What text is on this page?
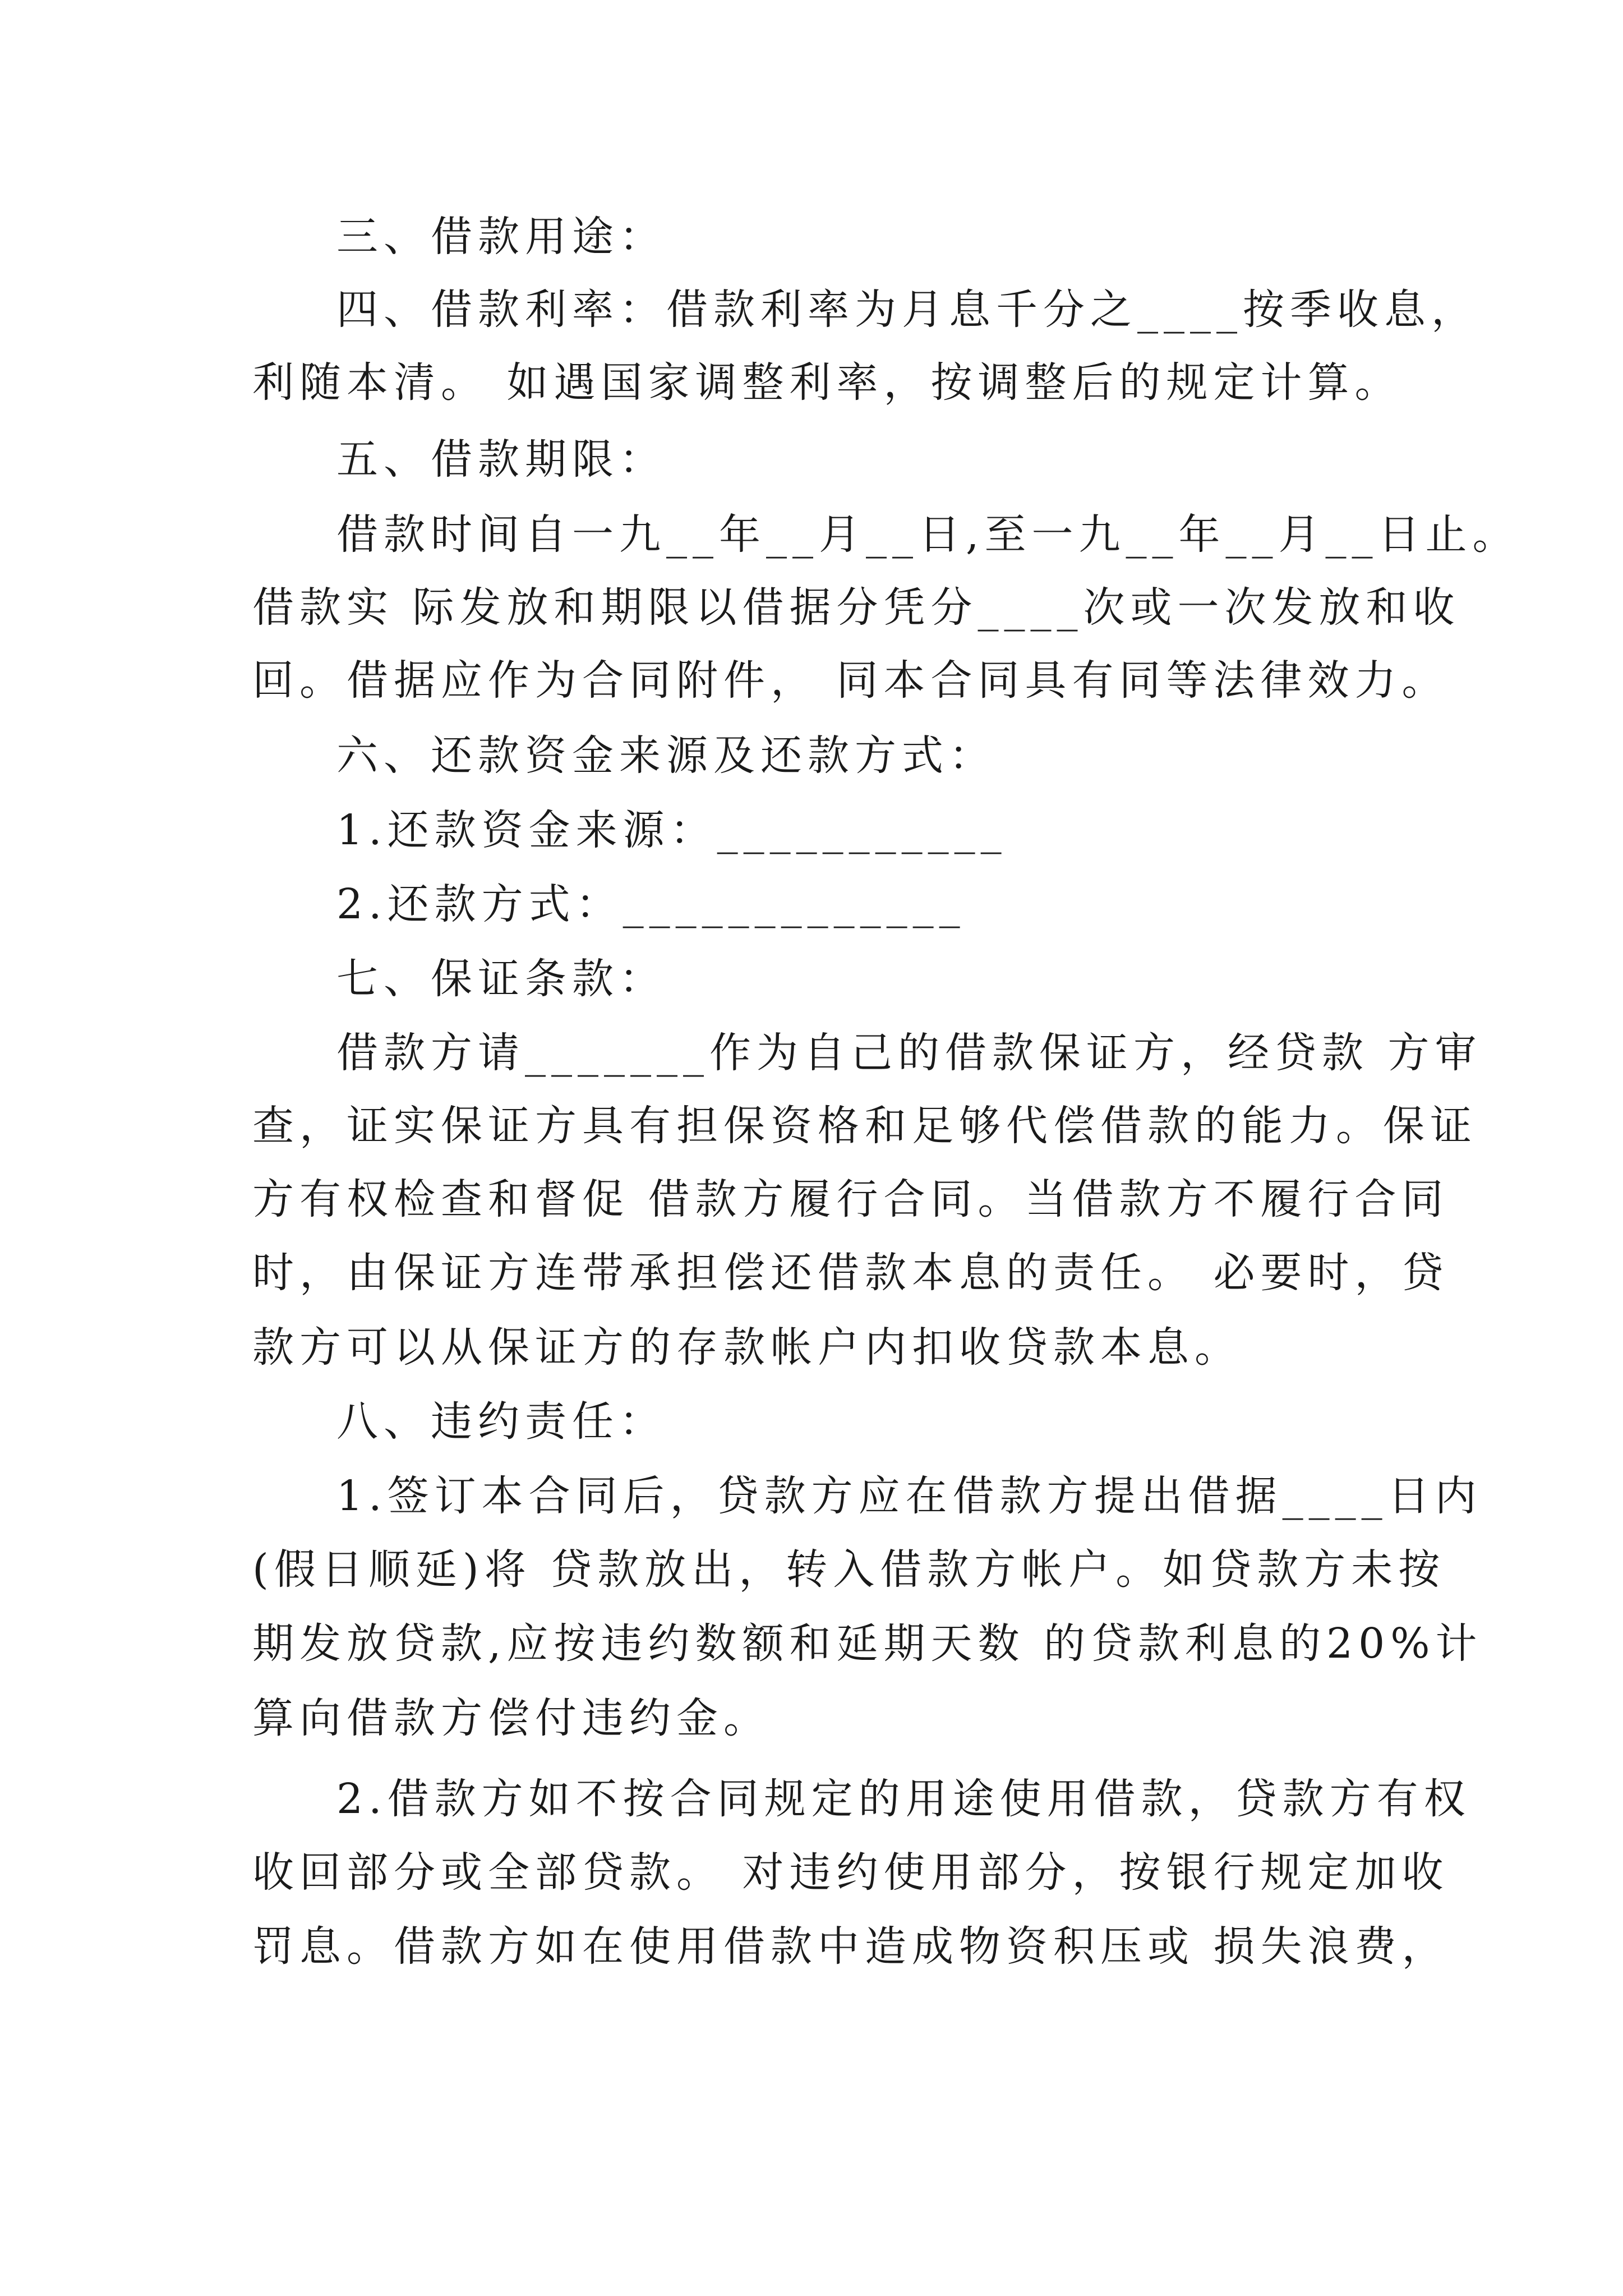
三、借款用途：
四、借款利率：借款利率为月息千分之____按季收息，
利随本清。 如遇国家调整利率，按调整后的规定计算。
五、借款期限：
借款时间自一九__年__月__日,至一九__年__月__日止。
借款实 际发放和期限以借据分凭分____次或一次发放和收
回。借据应作为合同附件， 同本合同具有同等法律效力。
六、还款资金来源及还款方式：
1.还款资金来源：___________
2.还款方式：_____________
七、保证条款：
借款方请_______作为自己的借款保证方，经贷款 方审
查，证实保证方具有担保资格和足够代偿借款的能力。保证
方有权检查和督促 借款方履行合同。当借款方不履行合同
时，由保证方连带承担偿还借款本息的责任。 必要时，贷
款方可以从保证方的存款帐户内扣收贷款本息。
八、违约责任：
1.签订本合同后，贷款方应在借款方提出借据____日内
(假日顺延)将 贷款放出，转入借款方帐户。如贷款方未按
期发放贷款,应按违约数额和延期天数 的贷款利息的20%计
算向借款方偿付违约金。
2.借款方如不按合同规定的用途使用借款，贷款方有权
收回部分或全部贷款。 对违约使用部分，按银行规定加收
罚息。借款方如在使用借款中造成物资积压或 损失浪费，
